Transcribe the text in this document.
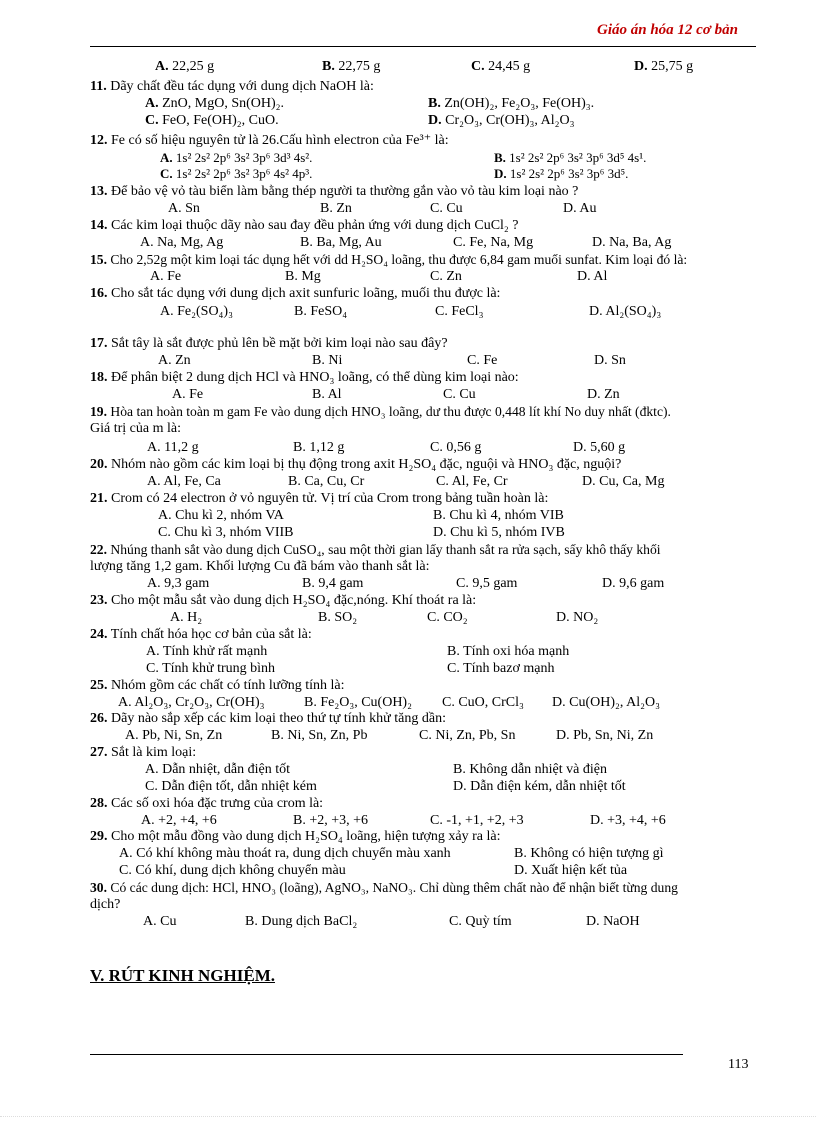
Giáo án hóa 12 cơ bản
A. 22,25 g	B. 22,75 g	C. 24,45 g	D. 25,75 g
11. Dãy chất đều tác dụng với dung dịch NaOH là:
A. ZnO, MgO, Sn(OH)₂.	B. Zn(OH)₂, Fe₂O₃, Fe(OH)₃.
C. FeO, Fe(OH)₂, CuO.	D. Cr₂O₃, Cr(OH)₃, Al₂O₃
12. Fe có số hiệu nguyên tử là 26.Cấu hình electron của Fe³⁺ là:
A. 1s² 2s² 2p⁶ 3s² 3p⁶ 3d³ 4s².	B. 1s² 2s² 2p⁶ 3s² 3p⁶ 3d⁵ 4s¹.
C. 1s² 2s² 2p⁶ 3s² 3p⁶ 4s² 4p³.	D. 1s² 2s² 2p⁶ 3s² 3p⁶ 3d⁵.
13. Để bảo vệ vỏ tàu biển làm bằng thép người ta thường gắn vào vỏ tàu kim loại nào ?
A. Sn	B. Zn	C. Cu	D. Au
14. Các kim loại thuộc dãy nào sau đay đều phản ứng với dung dịch CuCl₂ ?
A. Na, Mg, Ag	B. Ba, Mg, Au	C. Fe, Na, Mg	D. Na, Ba, Ag
15. Cho 2,52g một kim loại tác dụng hết với dd H₂SO₄ loãng, thu được 6,84 gam muối sunfat. Kim loại đó là:
A. Fe	B. Mg	C. Zn	D. Al
16. Cho sắt tác dụng với dung dịch axit sunfuric loãng, muối thu được là:
A. Fe₂(SO₄)₃	B. FeSO₄	C. FeCl₃	D. Al₂(SO₄)₃
17. Sắt tây là sắt được phủ lên bề mặt bởi kim loại nào sau đây?
A. Zn	B. Ni	C. Fe	D. Sn
18. Để phân biệt 2 dung dịch HCl và HNO₃ loãng, có thể dùng kim loại nào:
A. Fe	B. Al	C. Cu	D. Zn
19. Hòa tan hoàn toàn m gam Fe vào dung dịch HNO₃ loãng, dư thu được 0,448 lít khí No duy nhất (đktc).
Giá trị của m là:
A. 11,2 g	B. 1,12 g	C. 0,56 g	D. 5,60 g
20. Nhóm nào gồm các kim loại bị thụ động trong axit H₂SO₄ đặc, nguội và HNO₃ đặc, nguội?
A. Al, Fe, Ca	B. Ca, Cu, Cr	C. Al, Fe, Cr	D. Cu, Ca, Mg
21. Crom có 24 electron ở vỏ nguyên tử. Vị trí của Crom trong bảng tuần hoàn là:
A. Chu kì 2, nhóm VA	B. Chu kì 4, nhóm VIB
C. Chu kì 3, nhóm VIIB	D. Chu kì 5, nhóm IVB
22. Nhúng thanh sắt vào dung dịch CuSO₄, sau một thời gian lấy thanh sắt ra rửa sạch, sấy khô thấy khối
lượng tăng 1,2 gam. Khối lượng Cu đã bám vào thanh sắt là:
A. 9,3 gam	B. 9,4 gam	C. 9,5 gam	D. 9,6 gam
23. Cho một mẫu sắt vào dung dịch H₂SO₄ đặc,nóng. Khí thoát ra là:
A. H₂	B. SO₂	C. CO₂	D. NO₂
24. Tính chất hóa học cơ bản của sắt là:
A. Tính khử rất mạnh	B. Tính oxi hóa mạnh
C. Tính khử trung bình	C. Tính bazơ mạnh
25. Nhóm gồm các chất có tính lưỡng tính là:
A. Al₂O₃, Cr₂O₃, Cr(OH)₃	B. Fe₂O₃, Cu(OH)₂ C. CuO, CrCl₃ D. Cu(OH)₂, Al₂O₃
26. Dãy nào sắp xếp các kim loại theo thứ tự tính khử tăng dần:
A. Pb, Ni, Sn, Zn	B. Ni, Sn, Zn, Pb	C. Ni, Zn, Pb, Sn	D. Pb, Sn, Ni, Zn
27. Sắt là kim loại:
A. Dẫn nhiệt, dẫn điện tốt	B. Không dẫn nhiệt và điện
C. Dẫn điện tốt, dẫn nhiệt kém	D. Dẫn điện kém, dẫn nhiệt tốt
28. Các số oxi hóa đặc trưng của crom là:
A. +2, +4, +6	B. +2, +3, +6	C. -1, +1, +2, +3	D. +3, +4, +6
29. Cho một mẫu đồng vào dung dịch H₂SO₄ loãng, hiện tượng xảy ra là:
A. Có khí không màu thoát ra, dung dịch chuyển màu xanh	B. Không có hiện tượng gì
C. Có khí, dung dịch không chuyển màu	D. Xuất hiện kết tủa
30. Có các dung dịch: HCl, HNO₃ (loãng), AgNO₃, NaNO₃. Chỉ dùng thêm chất nào để nhận biết từng dung
dịch?
A. Cu	B. Dung dịch BaCl₂	C. Quỳ tím	D. NaOH
V. RÚT KINH NGHIỆM.
113
